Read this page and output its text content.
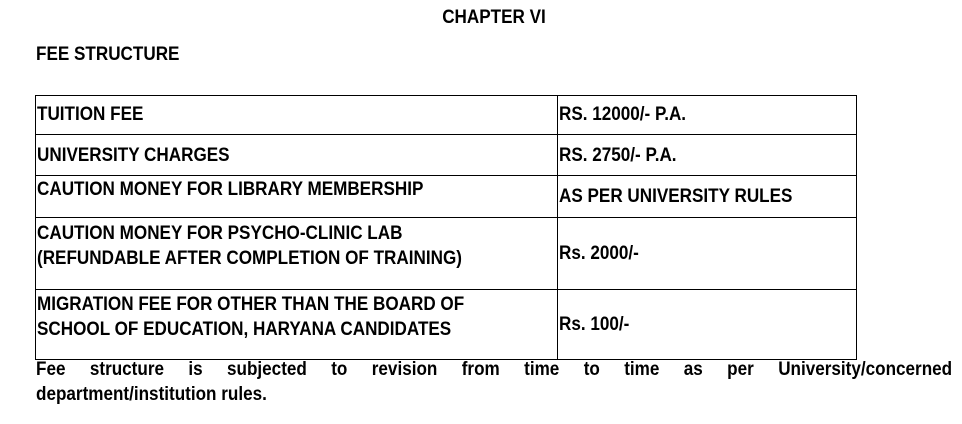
CHAPTER VI
FEE STRUCTURE
TUITION FEE	RS. 12000/- P.A.
UNIVERSITY CHARGES	RS. 2750/- P.A.
CAUTION MONEY FOR LIBRARY MEMBERSHIP	AS PER UNIVERSITY RULES
CAUTION MONEY FOR PSYCHO-CLINIC LAB
(REFUNDABLE AFTER COMPLETION OF TRAINING)	Rs. 2000/-
MIGRATION FEE FOR OTHER THAN THE BOARD OF
SCHOOL OF EDUCATION, HARYANA CANDIDATES	Rs. 100/-
Fee structure is subjected to revision from time to time as per University/concerned
department/institution rules.
